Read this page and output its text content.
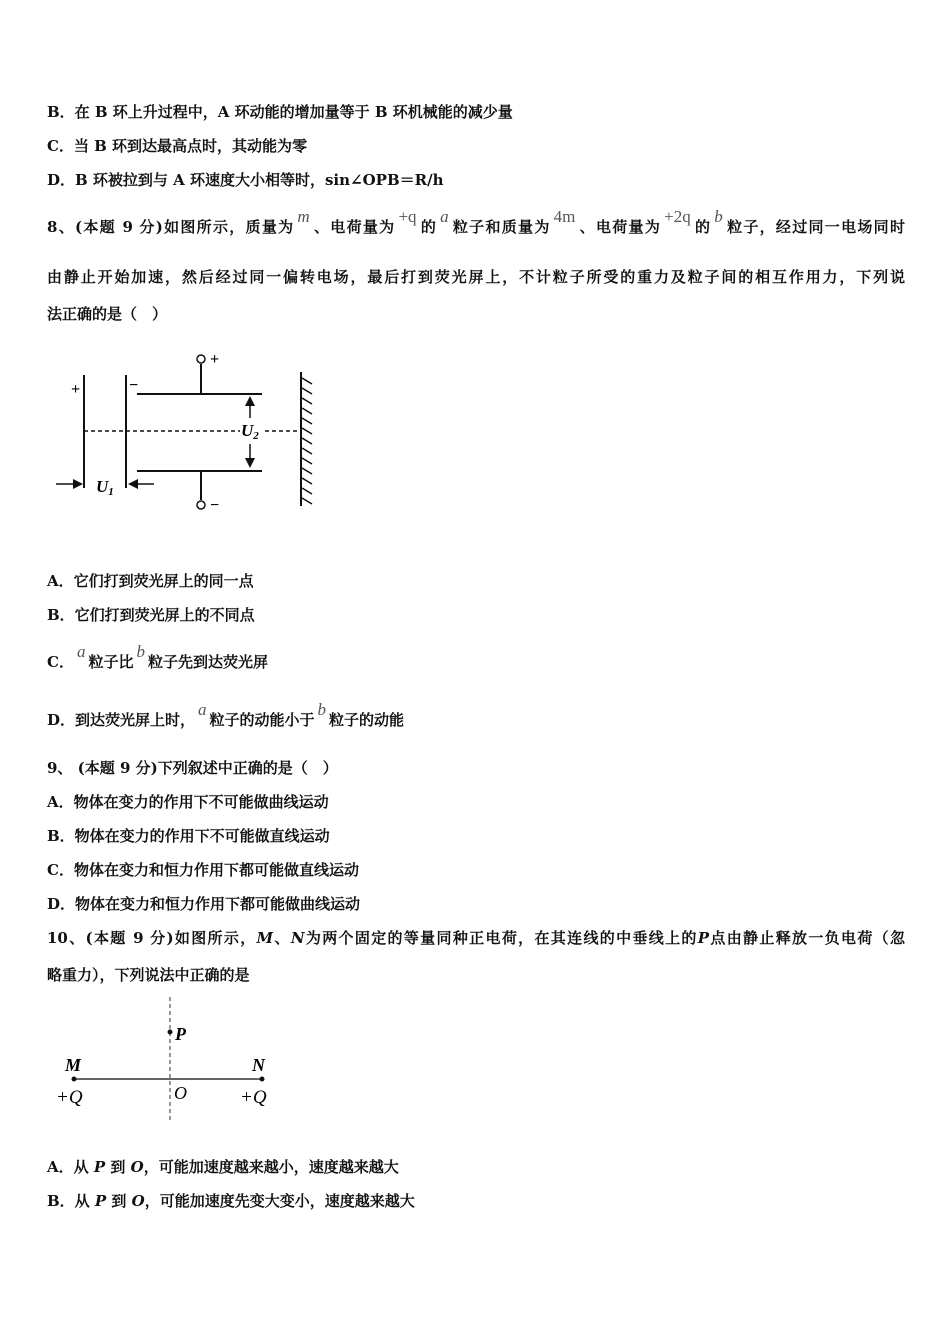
B．在 B 环上升过程中，A 环动能的增加量等于 B 环机械能的减少量
C．当 B 环到达最高点时，其动能为零
D．B 环被拉到与 A 环速度大小相等时，sin∠OPB＝R/h
8、(本题 9 分)如图所示，质量为m、电荷量为+q的a粒子和质量为4m、电荷量为+2q的b粒子，经过同一电场同时
由静止开始加速，然后经过同一偏转电场，最后打到荧光屏上，不计粒子所受的重力及粒子间的相互作用力，下列说
法正确的是（　）
+	−
+
−
U1
U2
A．它们打到荧光屏上的同一点
B．它们打到荧光屏上的不同点
C．a粒子比b粒子先到达荧光屏
D．到达荧光屏上时，a粒子的动能小于b粒子的动能
9、 (本题 9 分)下列叙述中正确的是（　）
A．物体在变力的作用下不可能做曲线运动
B．物体在变力的作用下不可能做直线运动
C．物体在变力和恒力作用下都可能做直线运动
D．物体在变力和恒力作用下都可能做曲线运动
10、(本题 9 分)如图所示，M、N为两个固定的等量同种正电荷，在其连线的中垂线上的P点由静止释放一负电荷（忽
略重力），下列说法中正确的是
P
M	N
O
+Q	+Q
A．从 P 到 O，可能加速度越来越小，速度越来越大
B．从 P 到 O，可能加速度先变大变小，速度越来越大
